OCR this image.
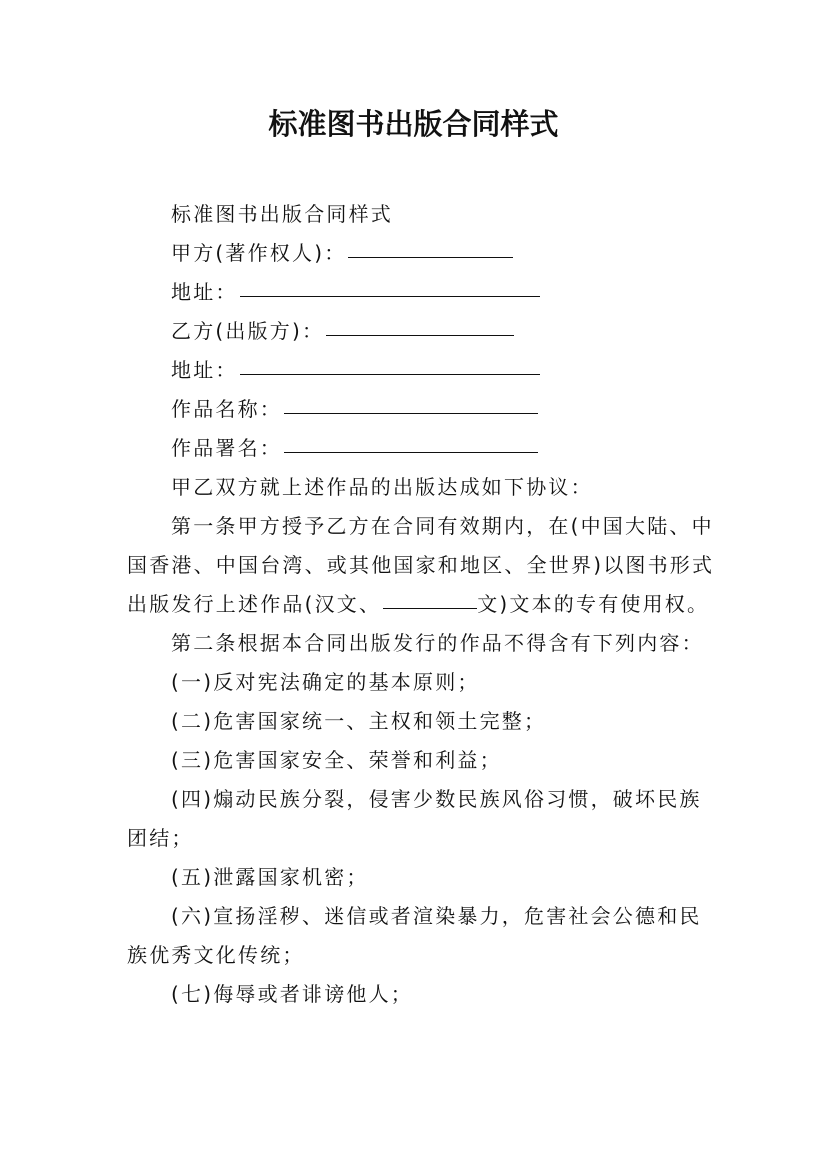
标准图书出版合同样式

标准图书出版合同样式

甲方(著作权人)：

地址：

乙方(出版方)：

地址：

作品名称：

作品署名：

甲乙双方就上述作品的出版达成如下协议：

第一条甲方授予乙方在合同有效期内，在(中国大陆、中国香港、中国台湾、或其他国家和地区、全世界)以图书形式出版发行上述作品(汉文、	文)文本的专有使用权。

第二条根据本合同出版发行的作品不得含有下列内容：

(一)反对宪法确定的基本原则；

(二)危害国家统一、主权和领土完整；

(三)危害国家安全、荣誉和利益；

(四)煽动民族分裂，侵害少数民族风俗习惯，破坏民族团结；

(五)泄露国家机密；

(六)宣扬淫秽、迷信或者渲染暴力，危害社会公德和民族优秀文化传统；

(七)侮辱或者诽谤他人；
